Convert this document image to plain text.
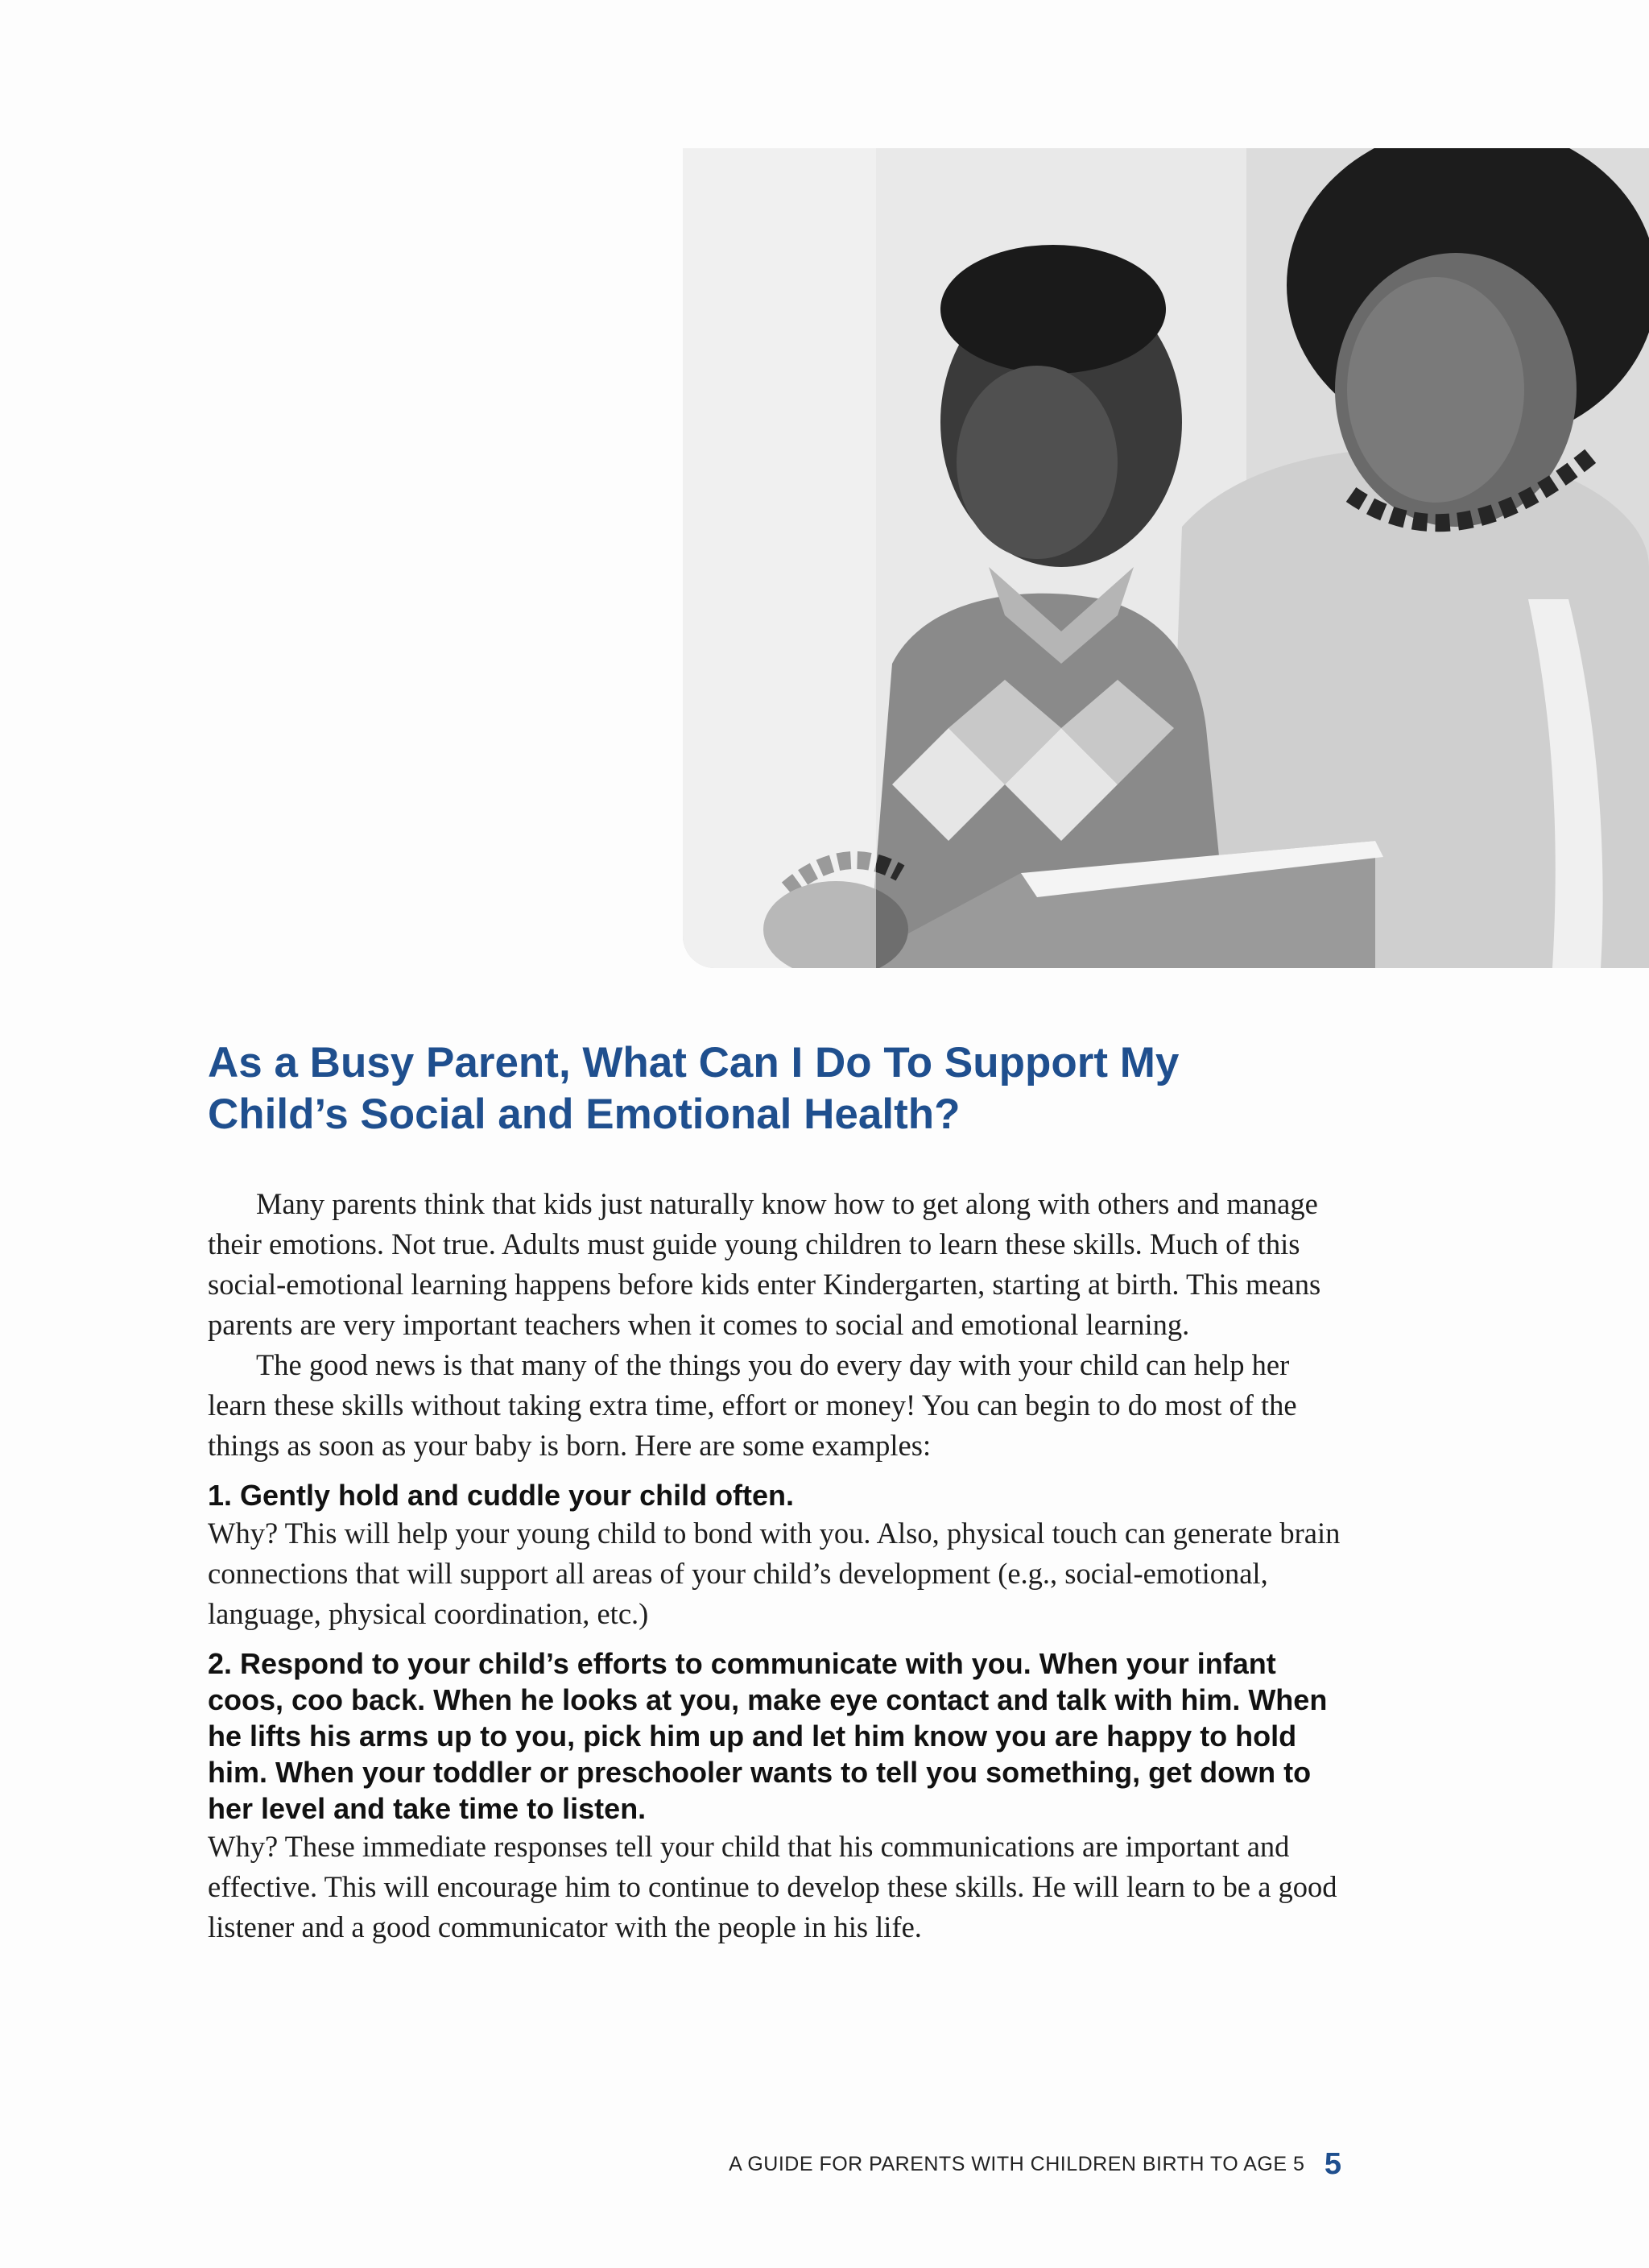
As a Busy Parent, What Can I Do To Support My
Child’s Social and Emotional Health?

Many parents think that kids just naturally know how to get along with others and manage their emotions. Not true. Adults must guide young children to learn these skills. Much of this social-emotional learning happens before kids enter Kindergarten, starting at birth. This means parents are very important teachers when it comes to social and emotional learning.

The good news is that many of the things you do every day with your child can help her learn these skills without taking extra time, effort or money! You can begin to do most of the things as soon as your baby is born. Here are some examples:

1. Gently hold and cuddle your child often.

Why? This will help your young child to bond with you. Also, physical touch can generate brain connections that will support all areas of your child’s development (e.g., social-emotional, language, physical coordination, etc.)

2. Respond to your child’s efforts to communicate with you. When your infant coos, coo back. When he looks at you, make eye contact and talk with him. When he lifts his arms up to you, pick him up and let him know you are happy to hold him. When your toddler or preschooler wants to tell you something, get down to her level and take time to listen.

Why? These immediate responses tell your child that his communications are important and effective. This will encourage him to continue to develop these skills. He will learn to be a good listener and a good communicator with the people in his life.

A GUIDE FOR PARENTS WITH CHILDREN BIRTH TO AGE 5 5
